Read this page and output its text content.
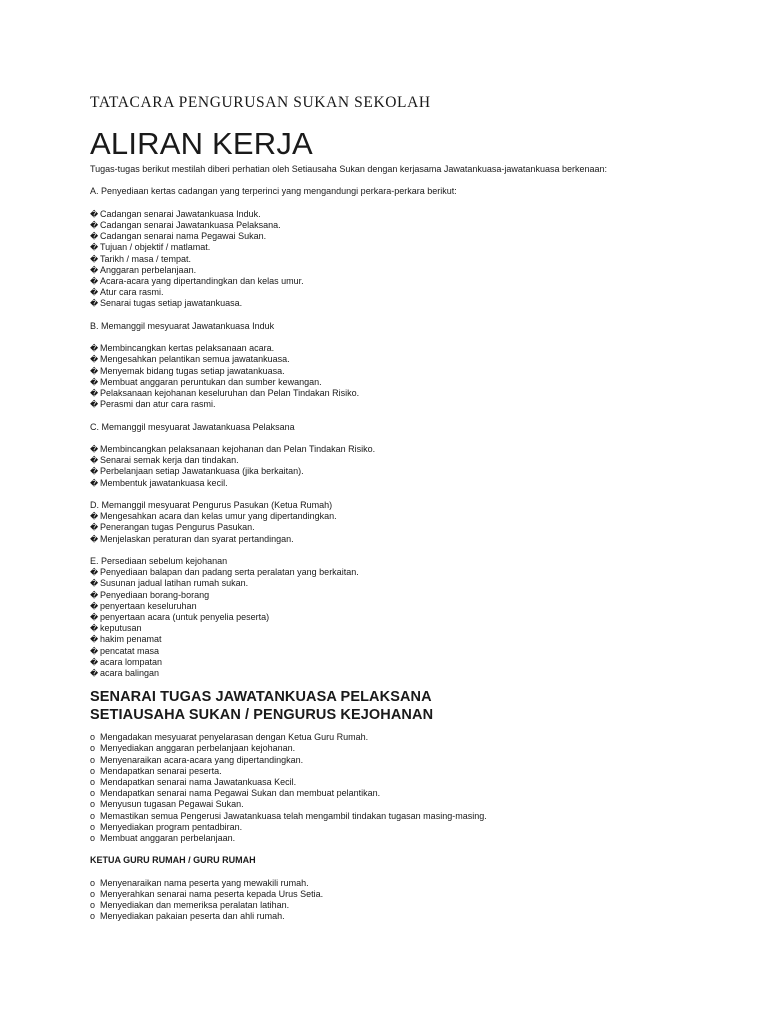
TATACARA PENGURUSAN SUKAN SEKOLAH
ALIRAN KERJA

Tugas-tugas berikut mestilah diberi perhatian oleh Setiausaha Sukan dengan kerjasama Jawatankuasa-jawatankuasa berkenaan:

A. Penyediaan kertas cadangan yang terperinci yang mengandungi perkara-perkara berikut:

� Cadangan senarai Jawatankuasa Induk.
� Cadangan senarai Jawatankuasa Pelaksana.
� Cadangan senarai nama Pegawai Sukan.
� Tujuan / objektif / matlamat.
� Tarikh / masa / tempat.
� Anggaran perbelanjaan.
� Acara-acara yang dipertandingkan dan kelas umur.
� Atur cara rasmi.
� Senarai tugas setiap jawatankuasa.

B. Memanggil mesyuarat Jawatankuasa Induk

� Membincangkan kertas pelaksanaan acara.
� Mengesahkan pelantikan semua jawatankuasa.
� Menyemak bidang tugas setiap jawatankuasa.
� Membuat anggaran peruntukan dan sumber kewangan.
� Pelaksanaan kejohanan keseluruhan dan Pelan Tindakan Risiko.
� Perasmi dan atur cara rasmi.

C. Memanggil mesyuarat Jawatankuasa Pelaksana

� Membincangkan pelaksanaan kejohanan dan Pelan Tindakan Risiko.
� Senarai semak kerja dan tindakan.
� Perbelanjaan setiap Jawatankuasa (jika berkaitan).
� Membentuk jawatankuasa kecil.

D. Memanggil mesyuarat Pengurus Pasukan (Ketua Rumah)

� Mengesahkan acara dan kelas umur yang dipertandingkan.
� Penerangan tugas Pengurus Pasukan.
� Menjelaskan peraturan dan syarat pertandingan.

E. Persediaan sebelum kejohanan

� Penyediaan balapan dan padang serta peralatan yang berkaitan.
� Susunan jadual latihan rumah sukan.
� Penyediaan borang-borang
� penyertaan keseluruhan
� penyertaan acara (untuk penyelia peserta)
� keputusan
� hakim penamat
� pencatat masa
� acara lompatan
� acara balingan
SENARAI TUGAS JAWATANKUASA PELAKSANA
SETIAUSAHA SUKAN / PENGURUS KEJOHANAN
o Mengadakan mesyuarat penyelarasan dengan Ketua Guru Rumah.
o Menyediakan anggaran perbelanjaan kejohanan.
o Menyenaraikan acara-acara yang dipertandingkan.
o Mendapatkan senarai peserta.
o Mendapatkan senarai nama Jawatankuasa Kecil.
o Mendapatkan senarai nama Pegawai Sukan dan membuat pelantikan.
o Menyusun tugasan Pegawai Sukan.
o Memastikan semua Pengerusi Jawatankuasa telah mengambil tindakan tugasan masing-masing.
o Menyediakan program pentadbiran.
o Membuat anggaran perbelanjaan.

KETUA GURU RUMAH / GURU RUMAH

o Menyenaraikan nama peserta yang mewakili rumah.
o Menyerahkan senarai nama peserta kepada Urus Setia.
o Menyediakan dan memeriksa peralatan latihan.
o Menyediakan pakaian peserta dan ahli rumah.
